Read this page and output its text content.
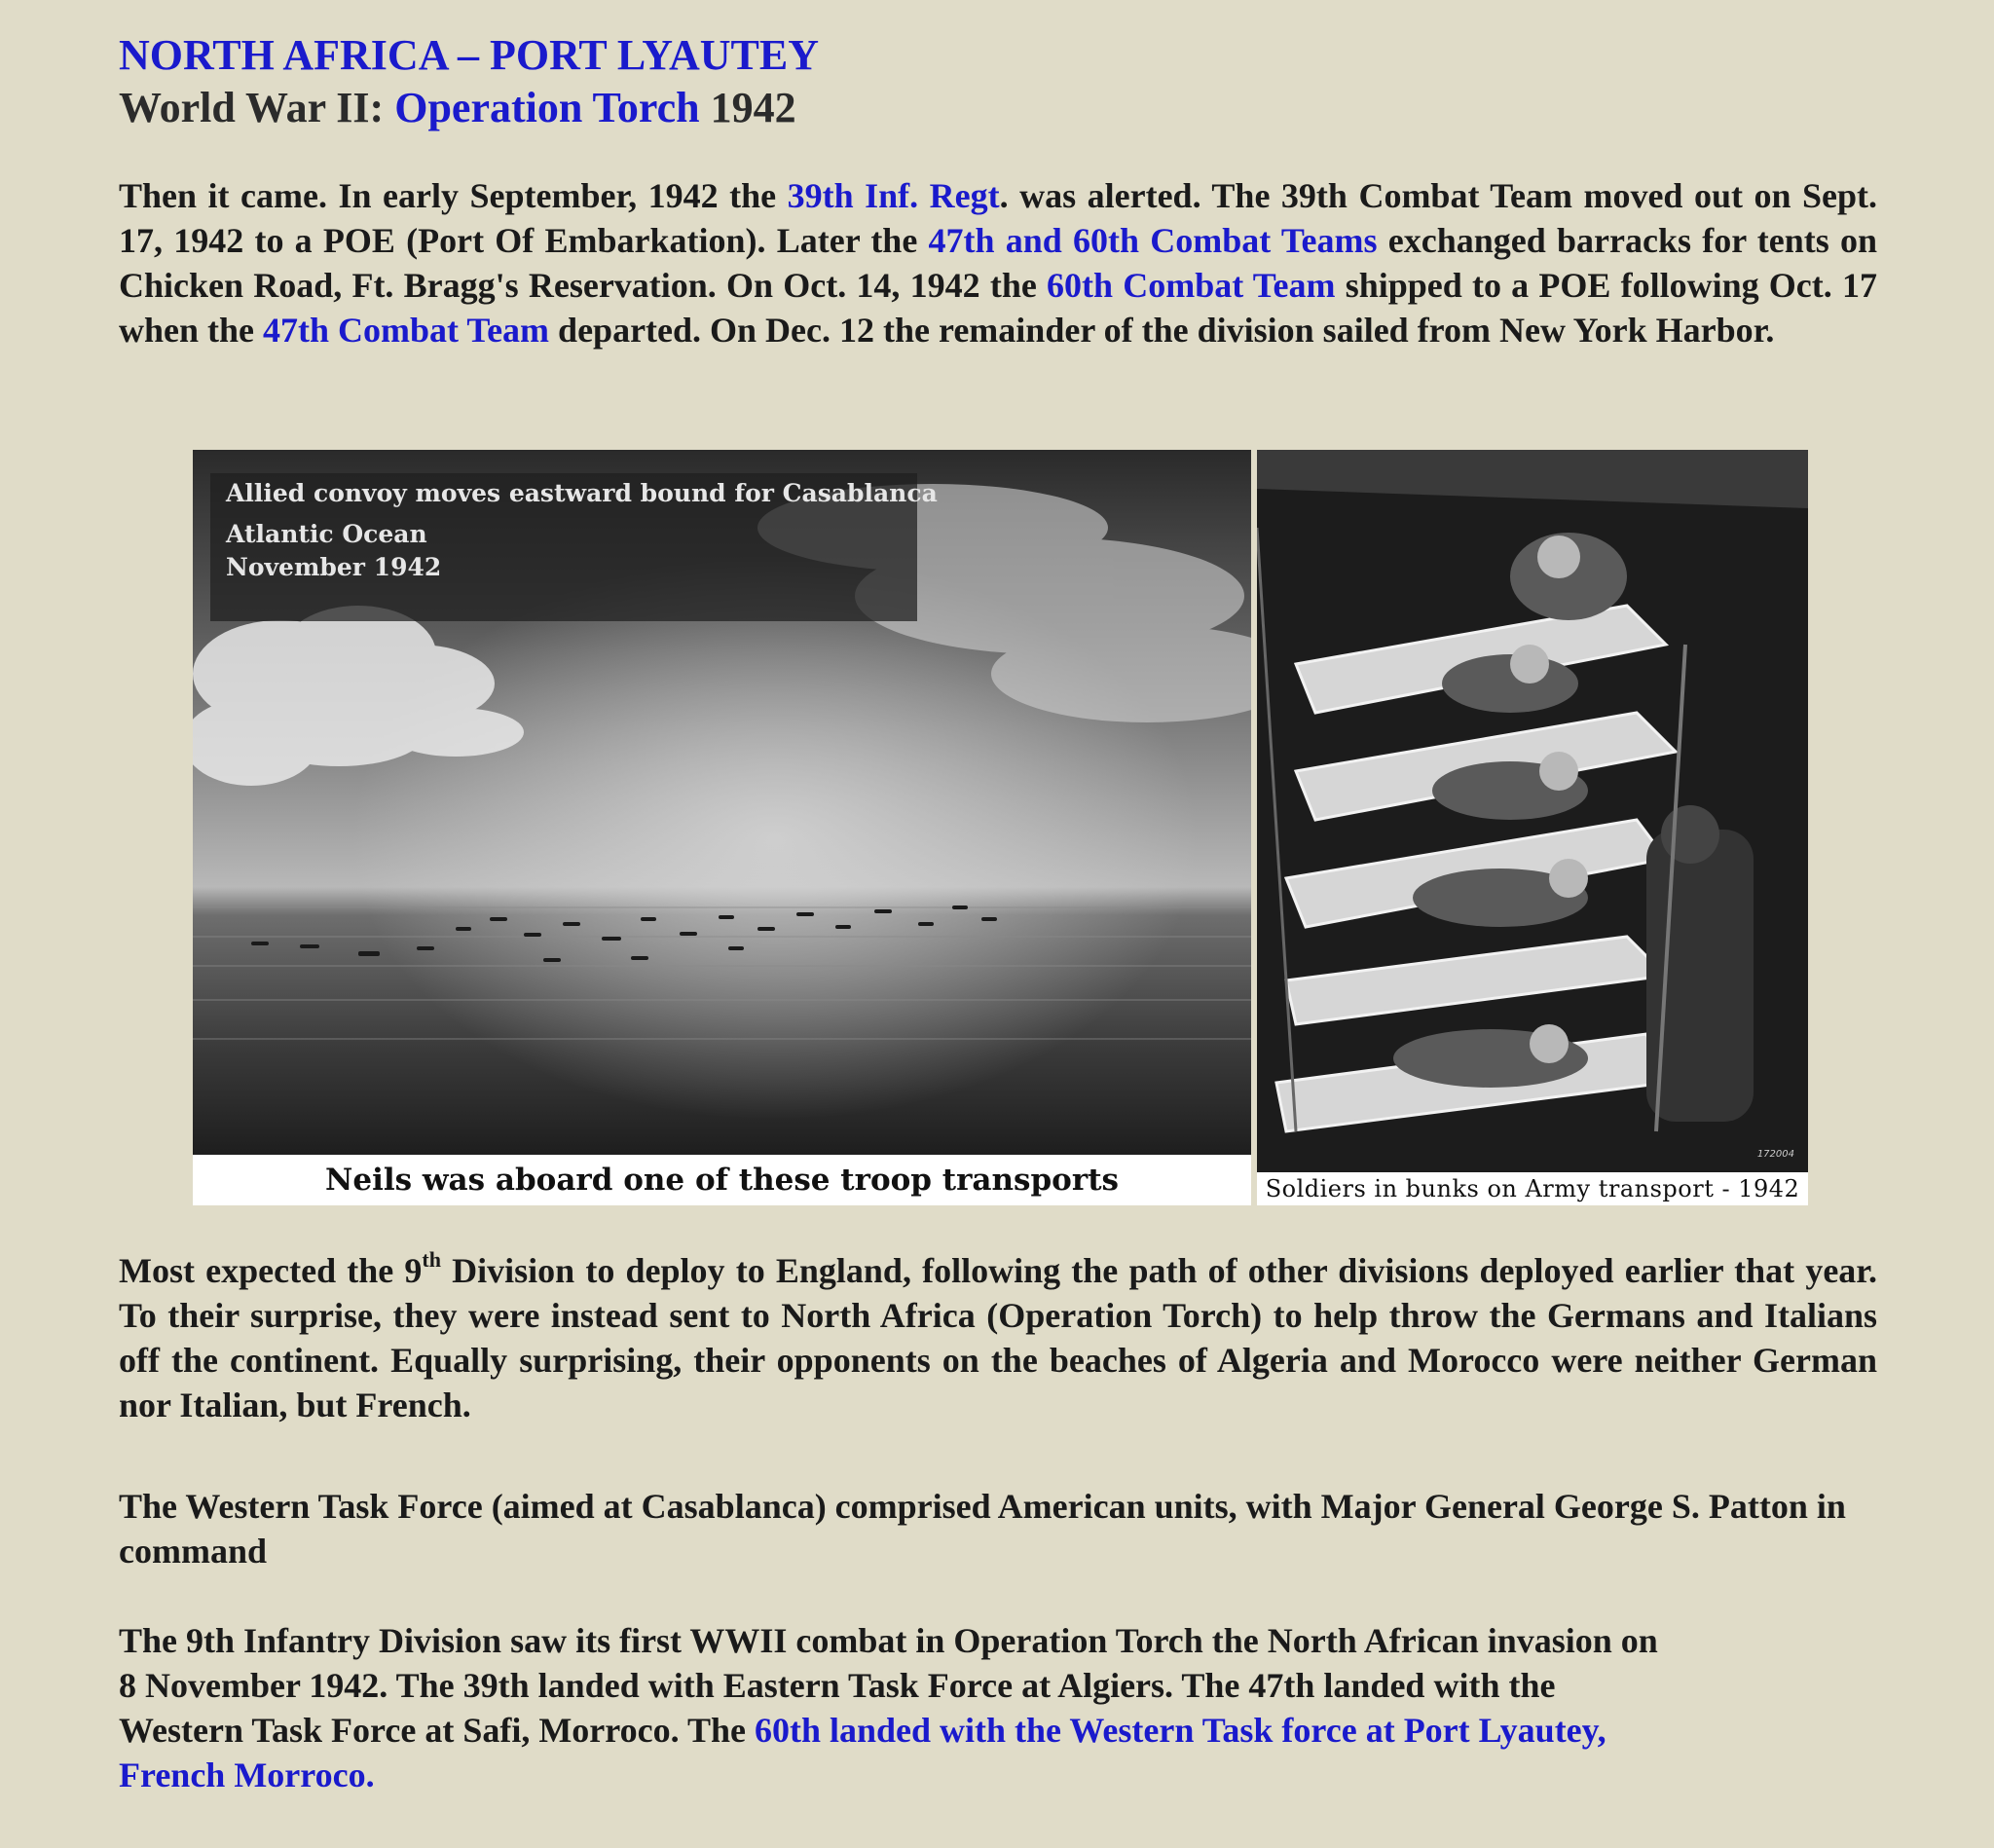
NORTH AFRICA – PORT LYAUTEY
World War II: Operation Torch 1942

Then it came. In early September, 1942 the 39th Inf. Regt. was alerted. The 39th Combat Team moved out on Sept. 17, 1942 to a POE (Port Of Embarkation). Later the 47th and 60th Combat Teams exchanged barracks for tents on Chicken Road, Ft. Bragg's Reservation. On Oct. 14, 1942 the 60th Combat Team shipped to a POE following Oct. 17 when the 47th Combat Team departed. On Dec. 12 the remainder of the division sailed from New York Harbor.

Allied convoy moves eastward bound for Casablanca
Atlantic Ocean
November 1942
Neils was aboard one of these troop transports
172004
Soldiers in bunks on Army transport - 1942

Most expected the 9th Division to deploy to England, following the path of other divisions deployed earlier that year. To their surprise, they were instead sent to North Africa (Operation Torch) to help throw the Germans and Italians off the continent. Equally surprising, their opponents on the beaches of Algeria and Morocco were neither German nor Italian, but French.

The Western Task Force (aimed at Casablanca) comprised American units, with Major General George S. Patton in command

The 9th Infantry Division saw its first WWII combat in Operation Torch the North African invasion on
8 November 1942. The 39th landed with Eastern Task Force at Algiers. The 47th landed with the
Western Task Force at Safi, Morroco. The 60th landed with the Western Task force at Port Lyautey,
French Morroco.
